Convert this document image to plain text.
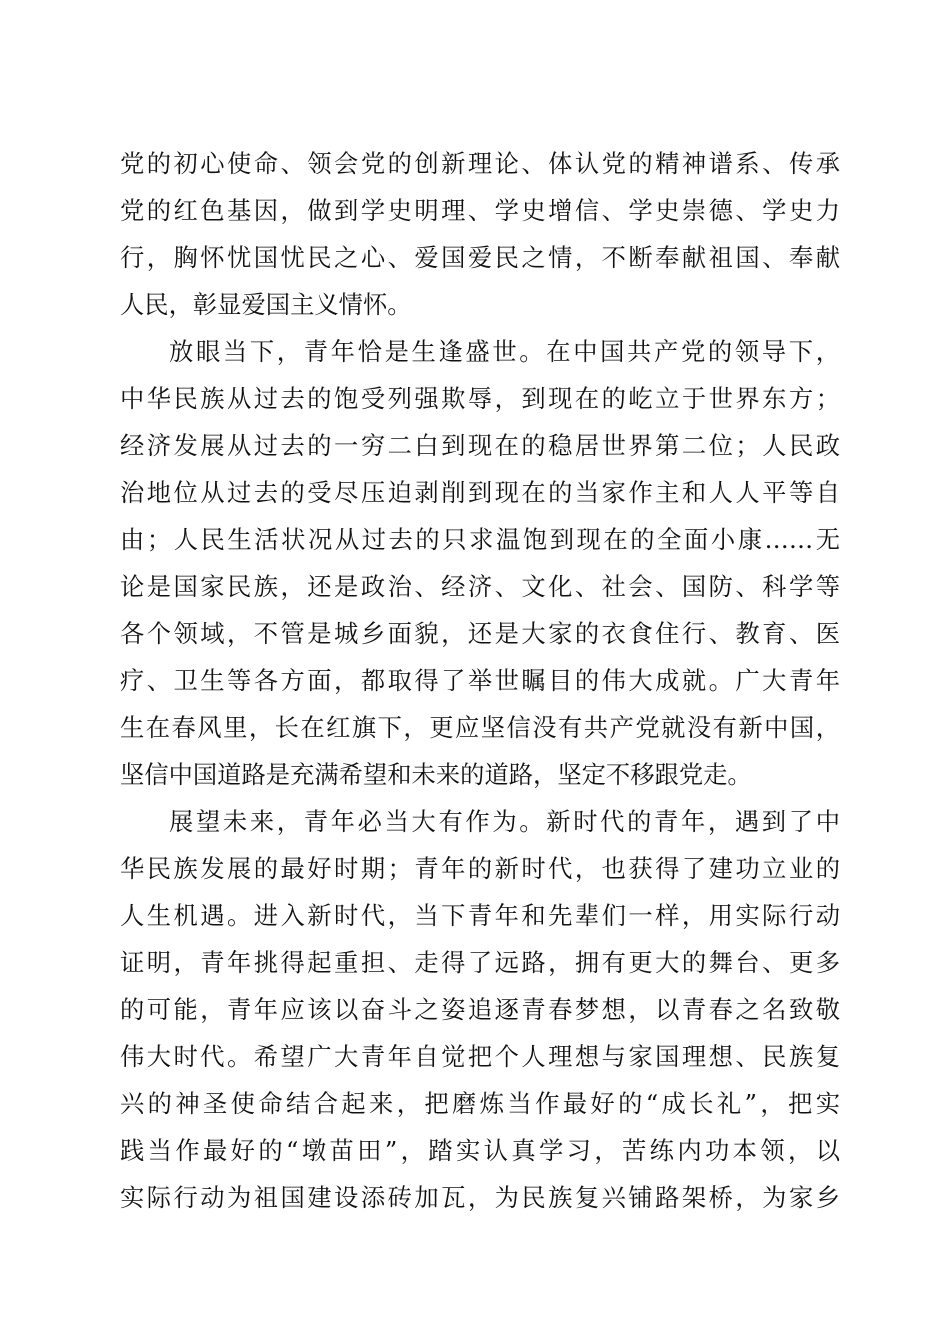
党的初心使命、领会党的创新理论、体认党的精神谱系、传承
党的红色基因，做到学史明理、学史增信、学史崇德、学史力
行，胸怀忧国忧民之心、爱国爱民之情，不断奉献祖国、奉献
人民，彰显爱国主义情怀。
放眼当下，青年恰是生逢盛世。在中国共产党的领导下，
中华民族从过去的饱受列强欺辱，到现在的屹立于世界东方；
经济发展从过去的一穷二白到现在的稳居世界第二位；人民政
治地位从过去的受尽压迫剥削到现在的当家作主和人人平等自
由；人民生活状况从过去的只求温饱到现在的全面小康……无
论是国家民族，还是政治、经济、文化、社会、国防、科学等
各个领域，不管是城乡面貌，还是大家的衣食住行、教育、医
疗、卫生等各方面，都取得了举世瞩目的伟大成就。广大青年
生在春风里，长在红旗下，更应坚信没有共产党就没有新中国，
坚信中国道路是充满希望和未来的道路，坚定不移跟党走。
展望未来，青年必当大有作为。新时代的青年，遇到了中
华民族发展的最好时期；青年的新时代，也获得了建功立业的
人生机遇。进入新时代，当下青年和先辈们一样，用实际行动
证明，青年挑得起重担、走得了远路，拥有更大的舞台、更多
的可能，青年应该以奋斗之姿追逐青春梦想，以青春之名致敬
伟大时代。希望广大青年自觉把个人理想与家国理想、民族复
兴的神圣使命结合起来，把磨炼当作最好的“成长礼”，把实
践当作最好的“墩苗田”，踏实认真学习，苦练内功本领，以
实际行动为祖国建设添砖加瓦，为民族复兴铺路架桥，为家乡
